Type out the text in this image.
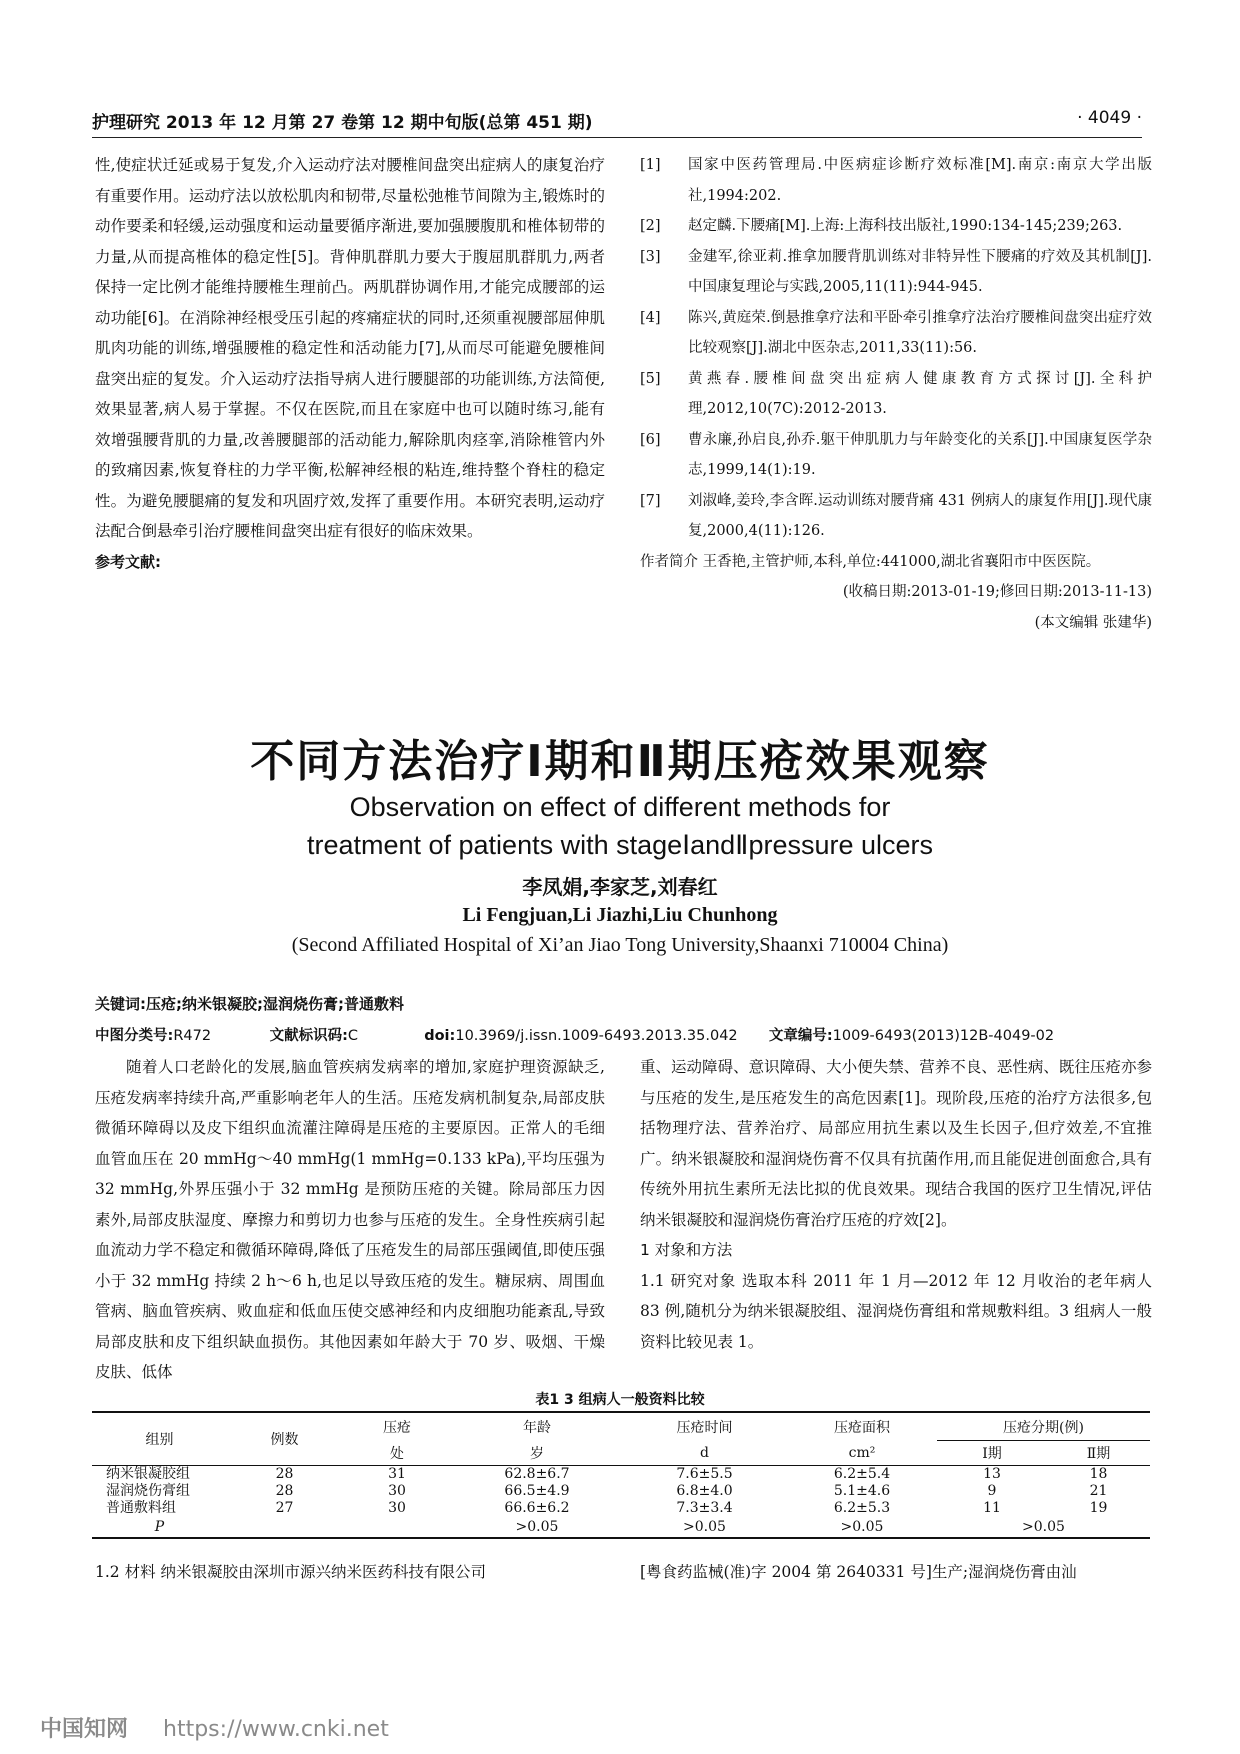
护理研究 2013 年 12 月第 27 卷第 12 期中旬版(总第 451 期)	· 4049 ·

性,使症状迁延或易于复发,介入运动疗法对腰椎间盘突出症病人的康复治疗有重要作用。运动疗法以放松肌肉和韧带,尽量松弛椎节间隙为主,锻炼时的动作要柔和轻缓,运动强度和运动量要循序渐进,要加强腰腹肌和椎体韧带的力量,从而提高椎体的稳定性[5]。背伸肌群肌力要大于腹屈肌群肌力,两者保持一定比例才能维持腰椎生理前凸。两肌群协调作用,才能完成腰部的运动功能[6]。在消除神经根受压引起的疼痛症状的同时,还须重视腰部屈伸肌肌肉功能的训练,增强腰椎的稳定性和活动能力[7],从而尽可能避免腰椎间盘突出症的复发。介入运动疗法指导病人进行腰腿部的功能训练,方法简便,效果显著,病人易于掌握。不仅在医院,而且在家庭中也可以随时练习,能有效增强腰背肌的力量,改善腰腿部的活动能力,解除肌肉痉挛,消除椎管内外的致痛因素,恢复脊柱的力学平衡,松解神经根的粘连,维持整个脊柱的稳定性。为避免腰腿痛的复发和巩固疗效,发挥了重要作用。本研究表明,运动疗法配合倒悬牵引治疗腰椎间盘突出症有很好的临床效果。

参考文献:

[1] 国家中医药管理局.中医病症诊断疗效标准[M].南京:南京大学出版社,1994:202.
[2] 赵定麟.下腰痛[M].上海:上海科技出版社,1990:134-145;239;263.
[3] 金建军,徐亚莉.推拿加腰背肌训练对非特异性下腰痛的疗效及其机制[J].中国康复理论与实践,2005,11(11):944-945.
[4] 陈兴,黄庭荣.倒悬推拿疗法和平卧牵引推拿疗法治疗腰椎间盘突出症疗效比较观察[J].湖北中医杂志,2011,33(11):56.
[5] 黄燕春.腰椎间盘突出症病人健康教育方式探讨[J].全科护理,2012,10(7C):2012-2013.
[6] 曹永廉,孙启良,孙乔.躯干伸肌肌力与年龄变化的关系[J].中国康复医学杂志,1999,14(1):19.
[7] 刘淑峰,姜玲,李含晖.运动训练对腰背痛 431 例病人的康复作用[J].现代康复,2000,4(11):126.

作者简介 王香艳,主管护师,本科,单位:441000,湖北省襄阳市中医医院。

(收稿日期:2013-01-19;修回日期:2013-11-13)

(本文编辑 张建华)

不同方法治疗Ⅰ期和Ⅱ期压疮效果观察
Observation on effect of different methods for
treatment of patients with stageⅠandⅡpressure ulcers
李凤娟,李家芝,刘春红
Li Fengjuan,Li Jiazhi,Liu Chunhong
(Second Affiliated Hospital of Xi’an Jiao Tong University,Shaanxi 710004 China)
关键词:压疮;纳米银凝胶;湿润烧伤膏;普通敷料
中图分类号:R472	文献标识码:C	doi:10.3969/j.issn.1009-6493.2013.35.042 文章编号:1009-6493(2013)12B-4049-02

随着人口老龄化的发展,脑血管疾病发病率的增加,家庭护理资源缺乏,压疮发病率持续升高,严重影响老年人的生活。压疮发病机制复杂,局部皮肤微循环障碍以及皮下组织血流灌注障碍是压疮的主要原因。正常人的毛细血管血压在 20 mmHg～40 mmHg(1 mmHg=0.133 kPa),平均压强为 32 mmHg,外界压强小于 32 mmHg 是预防压疮的关键。除局部压力因素外,局部皮肤湿度、摩擦力和剪切力也参与压疮的发生。全身性疾病引起血流动力学不稳定和微循环障碍,降低了压疮发生的局部压强阈值,即使压强小于 32 mmHg 持续 2 h～6 h,也足以导致压疮的发生。糖尿病、周围血管病、脑血管疾病、败血症和低血压使交感神经和内皮细胞功能紊乱,导致局部皮肤和皮下组织缺血损伤。其他因素如年龄大于 70 岁、吸烟、干燥皮肤、低体

重、运动障碍、意识障碍、大小便失禁、营养不良、恶性病、既往压疮亦参与压疮的发生,是压疮发生的高危因素[1]。现阶段,压疮的治疗方法很多,包括物理疗法、营养治疗、局部应用抗生素以及生长因子,但疗效差,不宜推广。纳米银凝胶和湿润烧伤膏不仅具有抗菌作用,而且能促进创面愈合,具有传统外用抗生素所无法比拟的优良效果。现结合我国的医疗卫生情况,评估纳米银凝胶和湿润烧伤膏治疗压疮的疗效[2]。

1 对象和方法

1.1 研究对象 选取本科 2011 年 1 月—2012 年 12 月收治的老年病人 83 例,随机分为纳米银凝胶组、湿润烧伤膏组和常规敷料组。3 组病人一般资料比较见表 1。

表1 3 组病人一般资料比较
组别	例数	压疮	年龄	压疮时间	压疮面积	压疮分期(例)	
		处	岁	d	cm²	Ⅰ期	Ⅱ期
纳米银凝胶组	28	31	62.8±6.7	7.6±5.5	6.2±5.4	13	18
湿润烧伤膏组	28	30	66.5±4.9	6.8±4.0	5.1±4.6	9	21
普通敷料组	27	30	66.6±6.2	7.3±3.4	6.2±5.3	11	19
P			>0.05	>0.05	>0.05	>0.05	
1.2 材料 纳米银凝胶由深圳市源兴纳米医药科技有限公司	[粤食药监械(准)字 2004 第 2640331 号]生产;湿润烧伤膏由汕
中国知网 https://www.cnki.net
